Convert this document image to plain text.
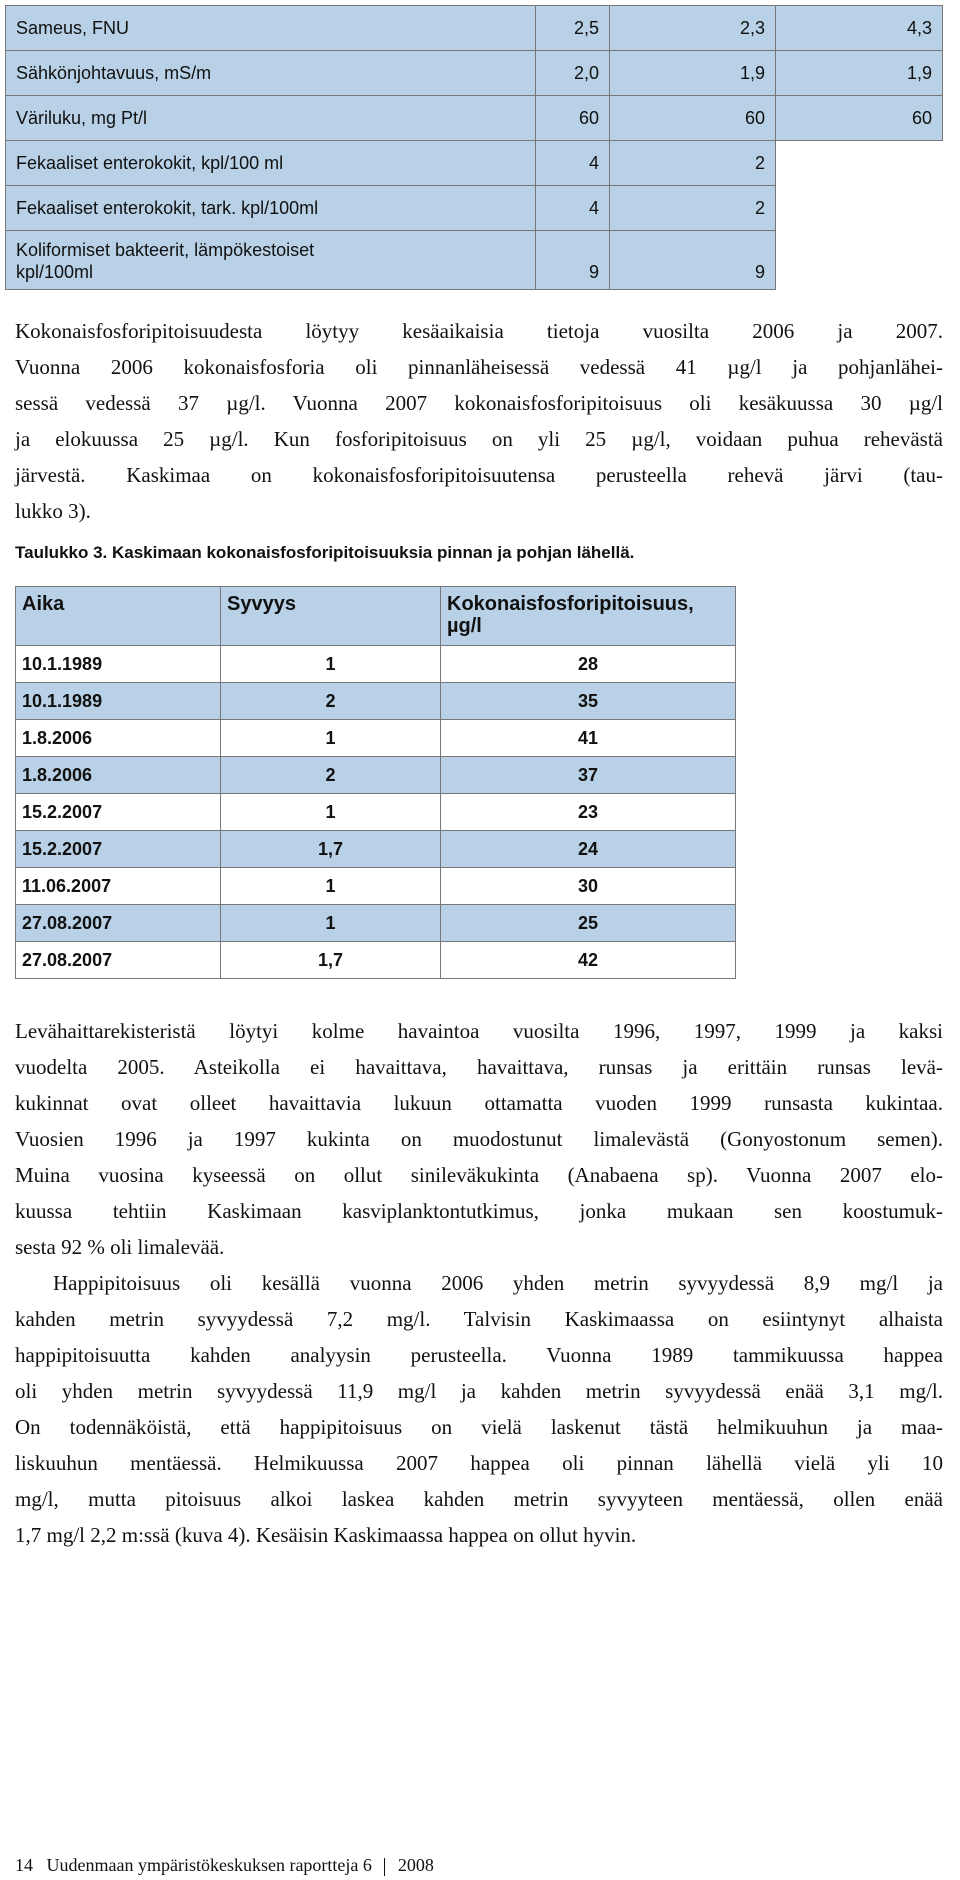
Sameus, FNU	2,5	2,3	4,3
Sähkönjohtavuus, mS/m	2,0	1,9	1,9
Väriluku, mg Pt/l	60	60	60
Fekaaliset enterokokit, kpl/100 ml	4	2	
Fekaaliset enterokokit, tark. kpl/100ml	4	2	
Koliformiset bakteerit, lämpökestoiset
kpl/100ml	9	9	
Kokonaisfosforipitoisuudesta löytyy kesäaikaisia tietoja vuosilta 2006 ja 2007.
Vuonna 2006 kokonaisfosforia oli pinnanläheisessä vedessä 41 µg/l ja pohjanlähei-
sessä vedessä 37 µg/l. Vuonna 2007 kokonaisfosforipitoisuus oli kesäkuussa 30 µg/l
ja elokuussa 25 µg/l. Kun fosforipitoisuus on yli 25 µg/l, voidaan puhua rehevästä
järvestä. Kaskimaa on kokonaisfosforipitoisuutensa perusteella rehevä järvi (tau-
lukko 3).

Taulukko 3. Kaskimaan kokonaisfosforipitoisuuksia pinnan ja pohjan lähellä.

Aika	Syvyys	Kokonaisfosforipitoisuus, µg/l
10.1.1989	1	28
10.1.1989	2	35
1.8.2006	1	41
1.8.2006	2	37
15.2.2007	1	23
15.2.2007	1,7	24
11.06.2007	1	30
27.08.2007	1	25
27.08.2007	1,7	42
Levähaittarekisteristä löytyi kolme havaintoa vuosilta 1996, 1997, 1999 ja kaksi
vuodelta 2005. Asteikolla ei havaittava, havaittava, runsas ja erittäin runsas levä-
kukinnat ovat olleet havaittavia lukuun ottamatta vuoden 1999 runsasta kukintaa.
Vuosien 1996 ja 1997 kukinta on muodostunut limalevästä (Gonyostonum semen).
Muina vuosina kyseessä on ollut sinileväkukinta (Anabaena sp). Vuonna 2007 elo-
kuussa tehtiin Kaskimaan kasviplanktontutkimus, jonka mukaan sen koostumuk-
sesta 92 % oli limalevää.
Happipitoisuus oli kesällä vuonna 2006 yhden metrin syvyydessä 8,9 mg/l ja
kahden metrin syvyydessä 7,2 mg/l. Talvisin Kaskimaassa on esiintynyt alhaista
happipitoisuutta kahden analyysin perusteella. Vuonna 1989 tammikuussa happea
oli yhden metrin syvyydessä 11,9 mg/l ja kahden metrin syvyydessä enää 3,1 mg/l.
On todennäköistä, että happipitoisuus on vielä laskenut tästä helmikuuhun ja maa-
liskuuhun mentäessä. Helmikuussa 2007 happea oli pinnan lähellä vielä yli 10
mg/l, mutta pitoisuus alkoi laskea kahden metrin syvyyteen mentäessä, ollen enää
1,7 mg/l 2,2 m:ssä (kuva 4). Kesäisin Kaskimaassa happea on ollut hyvin.
14 Uudenmaan ympäristökeskuksen raportteja 6 2008
